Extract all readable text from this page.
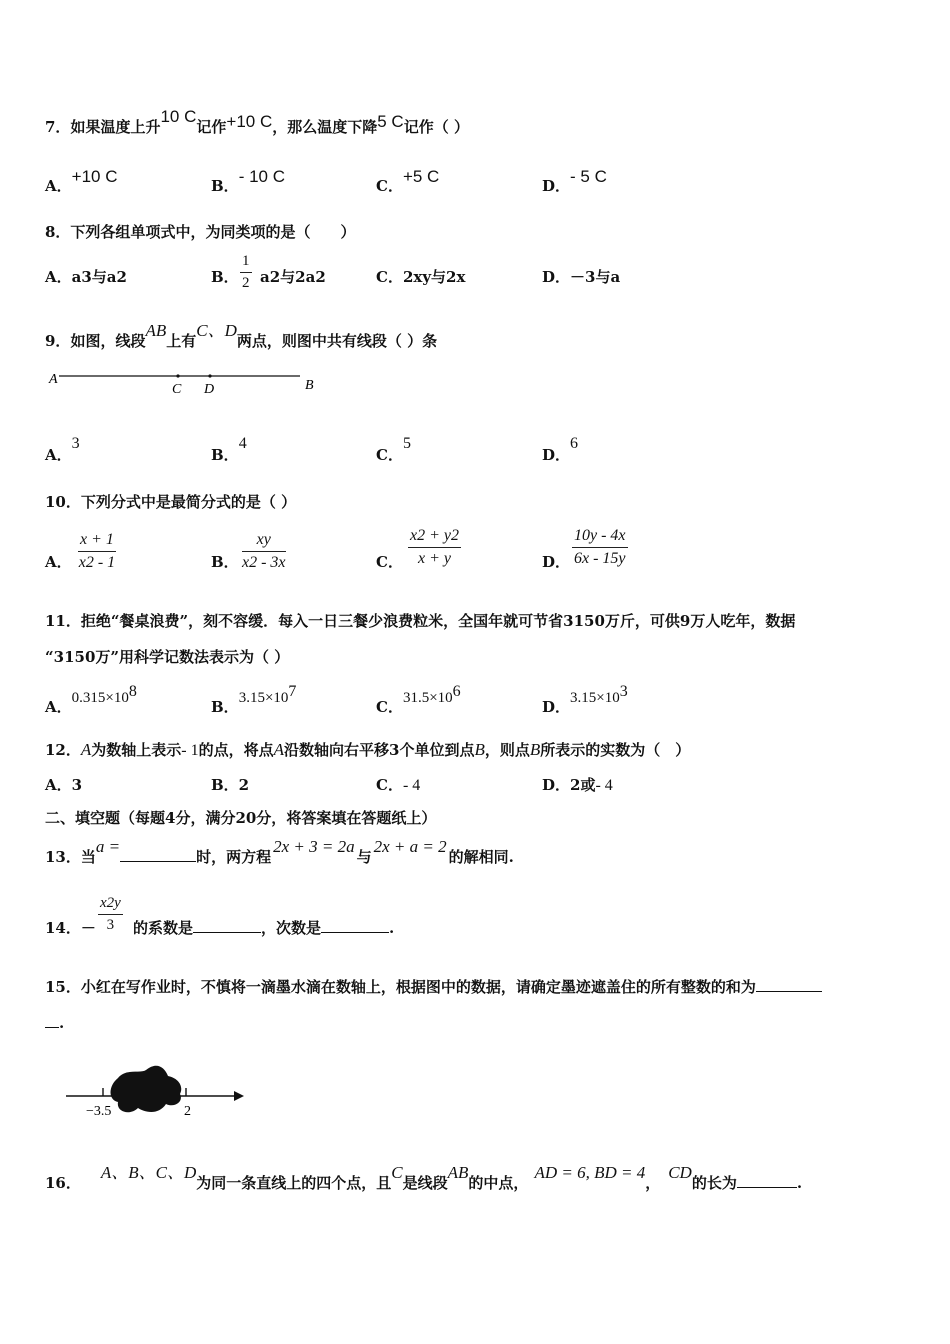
7．如果温度上升10 C记作+10 C，那么温度下降5 C记作（ ）
A．+10 C	B．- 10 C	C．+5 C	D．- 5 C
8．下列各组单项式中，为同类项的是（　　）
A．a3与a2	B． $\frac{1}{2} a2$与2a2	C．2xy与2x	D．－3与a
9．如图，线段AB上有C、D两点，则图中共有线段（ ）条
A
C D	B
A．3
B．4
C．5
D．6
10．下列分式中是最简分式的是（ ）
A． $\frac{x + 1}{x2 - 1}$	B． $\frac{xy}{x2 - 3x}$	C． $\frac{x2 + y2}{x + y}$	D． $\frac{10y - 4x}{6x - 15y}$
11．拒绝“餐桌浪费”，刻不容缓．每入一日三餐少浪费粒米，全国年就可节省3150万斤，可供9万人吃年，数据
“3150万”用科学记数法表示为（ ）
A．$0.315\times 10^8$
B．$3.15\times 10^7$
C．$31.5\times 10^6$
D．$3.15\times 10^3$
12．A为数轴上表示- 1的点，将点A沿数轴向右平移3个单位到点B，则点B所表示的实数为（　）
A．3	B．2	C．- 4	D．2或- 4
二、填空题（每题4分，满分20分，将答案填在答题纸上）
13．当a =时，两方程2x + 3 = 2a与2x + a = 2的解相同.
14．－ $\frac{x2y}{3}$ 的系数是	，次数是	.
15．小红在写作业时，不慎将一滴墨水滴在数轴上，根据图中的数据，请确定墨迹遮盖住的所有整数的和为
.
−3.5	2
16．A、B、C、D为同一条直线上的四个点，且C是线段AB的中点，AD = 6, BD = 4，CD的长为	.
